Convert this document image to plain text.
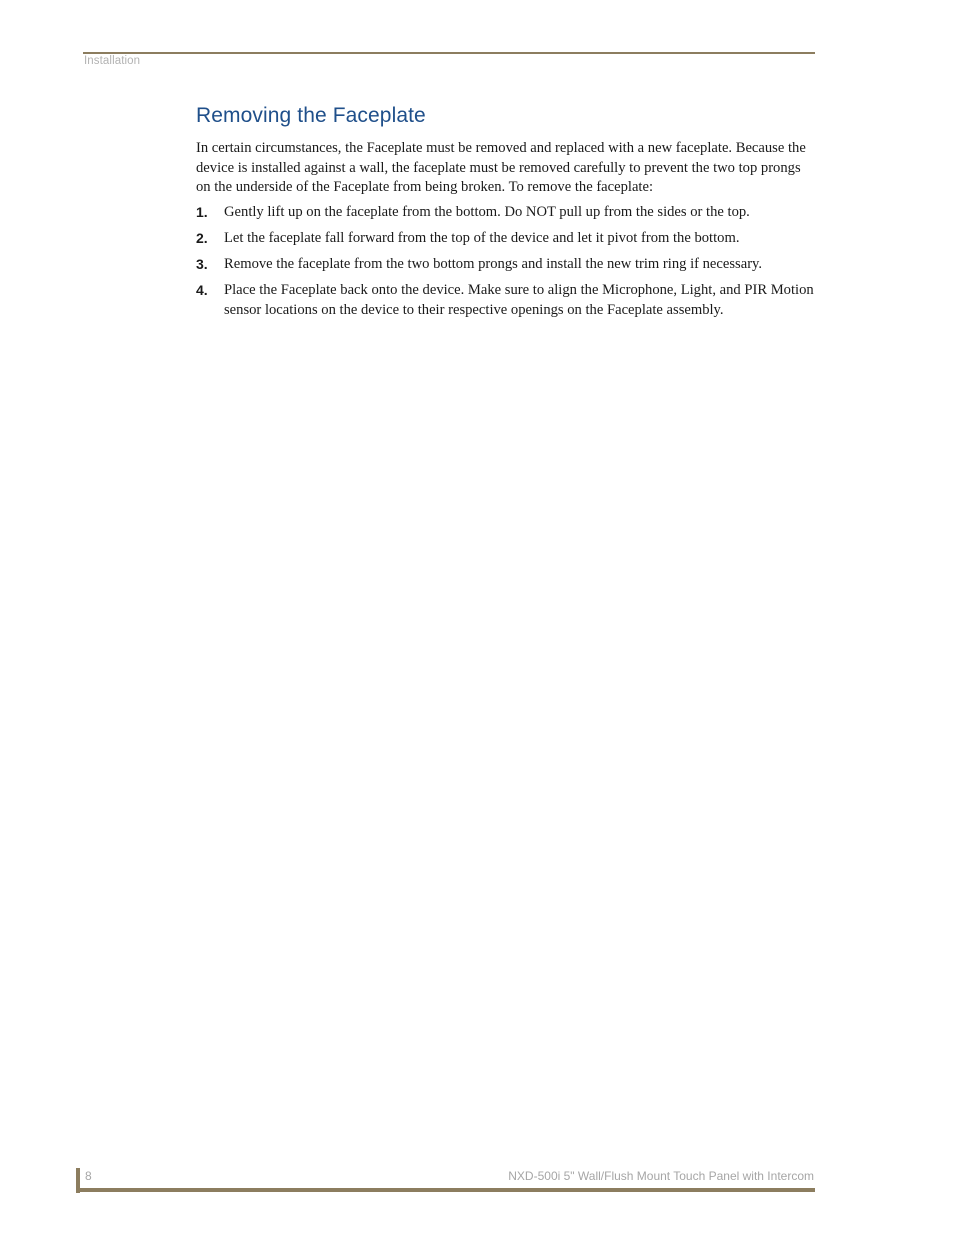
Installation
Removing the Faceplate

In certain circumstances, the Faceplate must be removed and replaced with a new faceplate. Because the device is installed against a wall, the faceplate must be removed carefully to prevent the two top prongs on the underside of the Faceplate from being broken. To remove the faceplate:

1. Gently lift up on the faceplate from the bottom. Do NOT pull up from the sides or the top.
2. Let the faceplate fall forward from the top of the device and let it pivot from the bottom.
3. Remove the faceplate from the two bottom prongs and install the new trim ring if necessary.
4. Place the Faceplate back onto the device. Make sure to align the Microphone, Light, and PIR Motion sensor locations on the device to their respective openings on the Faceplate assembly.
8	NXD-500i 5" Wall/Flush Mount Touch Panel with Intercom
